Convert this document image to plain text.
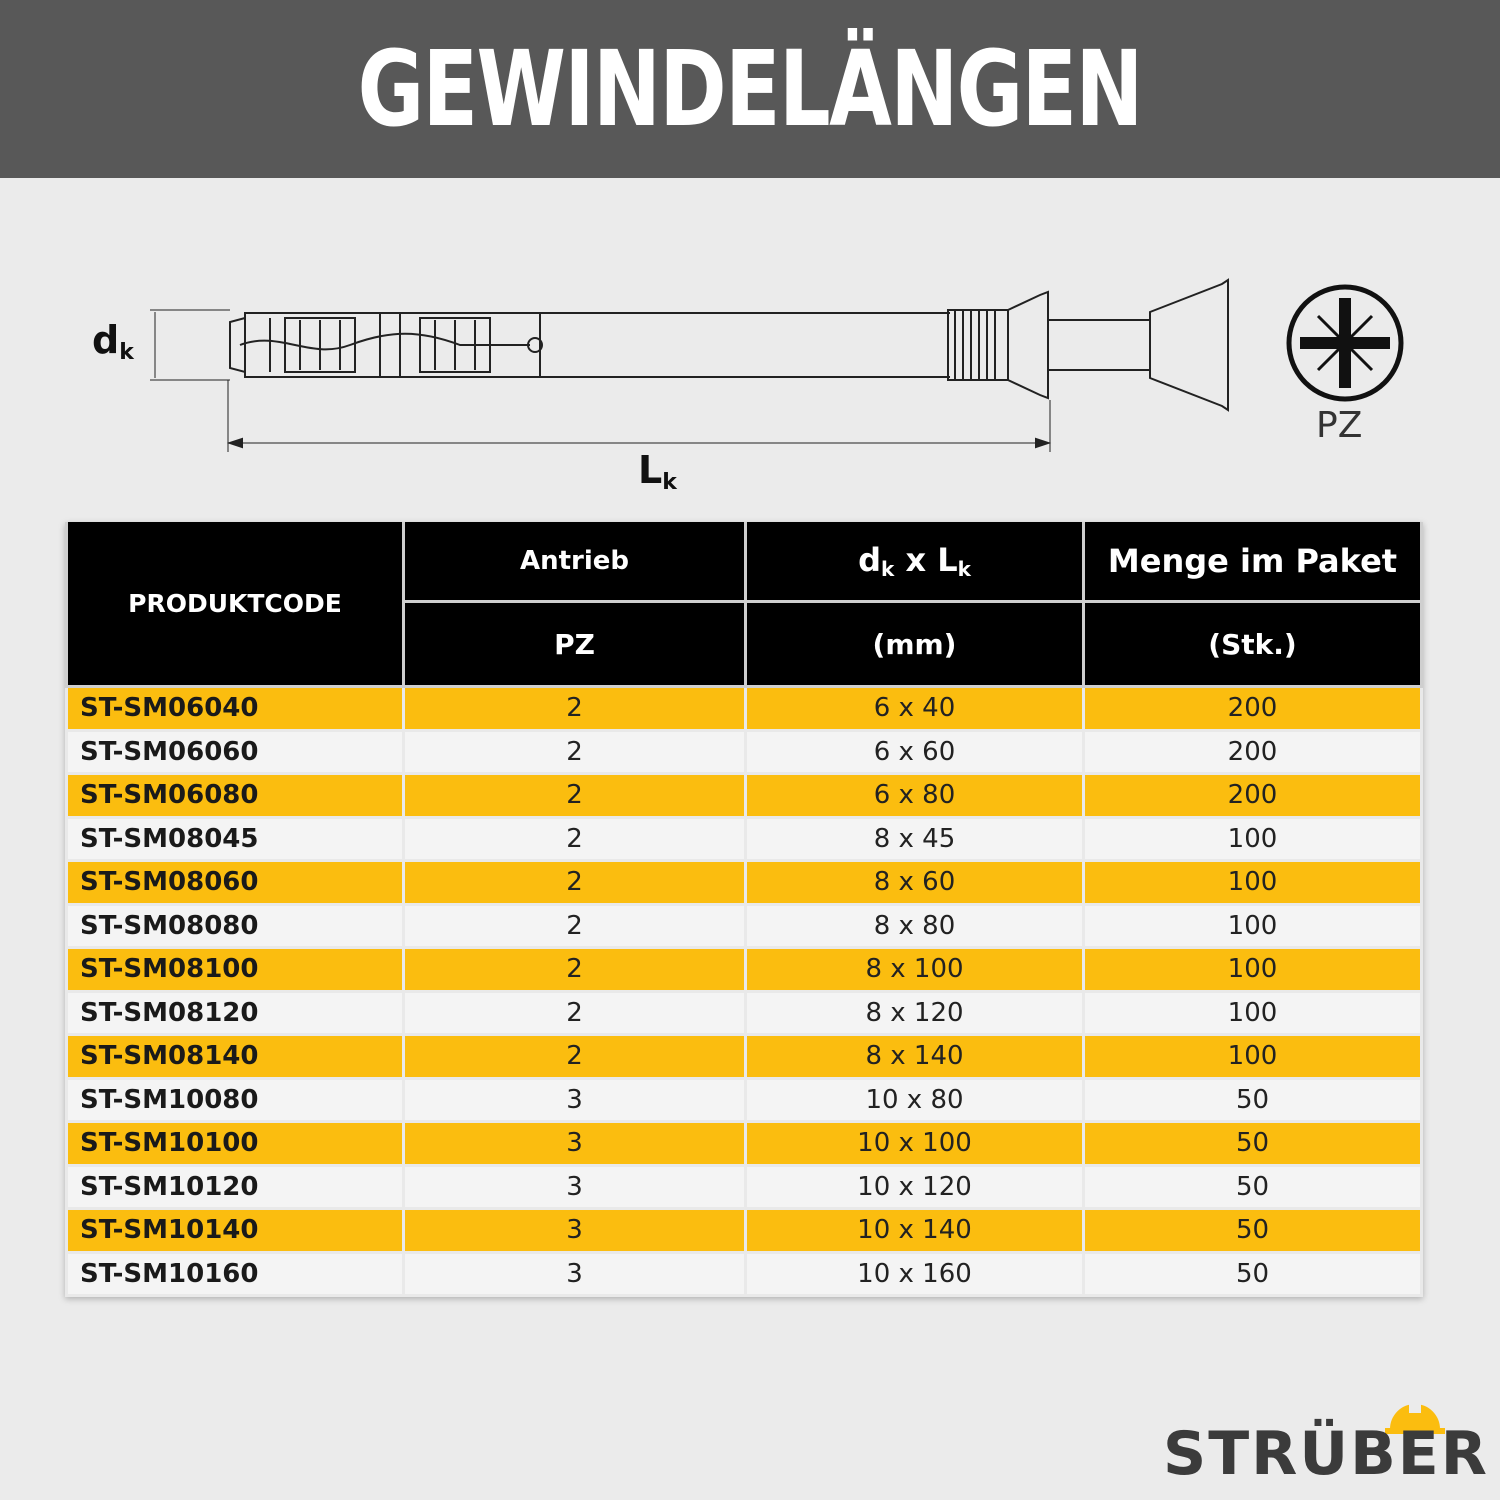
GEWINDELÄNGEN
$d_k$
$L_k$
PZ
PRODUKTCODE	Antrieb	$d_k$ x $L_k$	Menge im Paket
	PZ	(mm)	(Stk.)
ST-SM06040	2	6 x 40	200
ST-SM06060	2	6 x 60	200
ST-SM06080	2	6 x 80	200
ST-SM08045	2	8 x 45	100
ST-SM08060	2	8 x 60	100
ST-SM08080	2	8 x 80	100
ST-SM08100	2	8 x 100	100
ST-SM08120	2	8 x 120	100
ST-SM08140	2	8 x 140	100
ST-SM10080	3	10 x 80	50
ST-SM10100	3	10 x 100	50
ST-SM10120	3	10 x 120	50
ST-SM10140	3	10 x 140	50
ST-SM10160	3	10 x 160	50
STRÜBER
